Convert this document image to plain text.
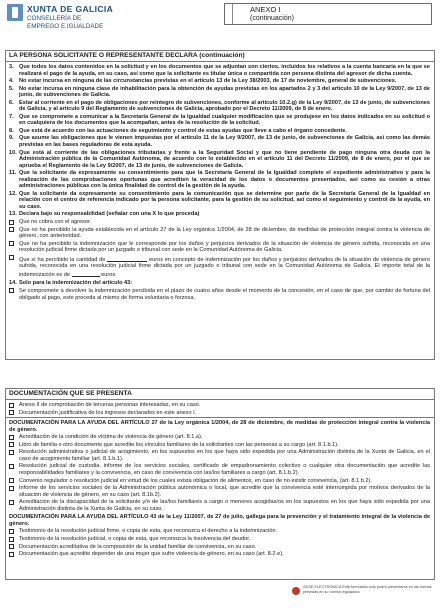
XUNTA DE GALICIA
CONSELLERÍA DE
EMPREGO E IGUALDADE
ANEXO I
(continuación)
LA PERSONA SOLICITANTE O REPRESENTANTE DECLARA (continuación)
3. Que todos los datos contenidos en la solicitud y en los documentos que se adjuntan son ciertos, incluidos los relativos a la cuenta bancaria en la que se realizará el pago de la ayuda, en su caso, así como que la solicitante es titular única o compartida con persona distinta del agresor de dicha cuenta.
4. No estar incursa en ninguna de las circunstancias previstas en el artículo 13 de la Ley 38/2003, de 17 de noviembre, general de subvenciones.
5. No estar incursa en ninguna clase de inhabilitación para la obtención de ayudas previstas en los apartados 2 y 3 del artículo 10 de la Ley 9/2007, de 13 de junio, de subvenciones de Galicia.
6. Estar al corriente en el pago de obligaciones por reintegro de subvenciones, conforme al artículo 10.2.g) de la Ley 9/2007, de 13 de junio, de subvenciones de Galicia, y al artículo 9 del Reglamento de subvenciones de Galicia, aprobado por el Decreto 11/2009, de 8 de enero.
7. Que se compromete a comunicar a la Secretaría General de la Igualdad cualquier modificación que se produjese en los datos indicados en su solicitud o en cualquiera de los documentos que la acompañan, antes de la resolución de la solicitud.
8. Que está de acuerdo con las actuaciones de seguimiento y control de estas ayudas que lleve a cabo el órgano concedente.
9. Que asume las obligaciones que le vienen impuestas por el artículo 11 de la Ley 9/2007, de 13 de junio, de subvenciones de Galicia, así como las demás previstas en las bases reguladoras de esta ayuda.
10. Que está al corriente de las obligaciones tributarias y frente a la Seguridad Social y que no tiene pendiente de pago ninguna otra deuda con la Administración pública de la Comunidad Autónoma, de acuerdo con lo establecido en el artículo 11 del Decreto 11/2009, de 8 de enero, por el que se aprueba el Reglamento de la Ley 9/2007, de 13 de junio, de subvenciones de Galicia.
11. Que la solicitante da expresamente su consentimiento para que la Secretaría General de la Igualdad complete el expediente administrativo y para la realización de las comprobaciones oportunas que acrediten la veracidad de los datos o documentos presentados, así como su cesión a otras administraciones públicas con la única finalidad de control de la gestión de la ayuda.
12. Que la solicitante da expresamente su consentimiento para la comunicación que se determine por parte de la Secretaría General de la Igualdad en relación con el centro de referencia indicado por la persona solicitante, para la gestión de su solicitud, así como el seguimiento y control de la ayuda, en su caso.
13. Declara bajo su responsabilidad (señalar con una X lo que proceda)
Que no cobra con el agresor.
Que no ha percibido la ayuda establecida en el artículo 27 de la Ley orgánica 1/2004, de 28 de diciembre, de medidas de protección integral contra la violencia de género, con anterioridad.
Que no ha percibido la indemnización que le corresponde por los daños y perjuicios derivados de la situación de violencia de género sufrida, reconocida en una resolución judicial firme dictada por un juzgado o tribunal con sede en la Comunidad Autónoma de Galicia.
Que sí ha percibido la cantidad de	euros en concepto de indemnización por los daños y perjuicios derivados de la situación de violencia de género sufrida, reconocida en una resolución judicial firme dictada por un juzgado o tribunal con sede en la Comunidad Autónoma de Galicia. El importe total de la indemnización es de	euros.
14. Solo para la indemnización del artículo 43:
Se compromete a devolver la indemnización percibida en el plazo de cuatro años desde el momento de la concesión, en el caso de que, por cambio de fortuna del obligado al pago, este proceda al mismo de forma voluntaria o forzosa.
DOCUMENTACIÓN QUE SE PRESENTA
Anexo II de comprobación de terceras personas interesadas, en su caso.
Documentación justificativa de los ingresos declarados en este anexo I.
DOCUMENTACIÓN PARA LA AYUDA DEL ARTÍCULO 27 de la Ley orgánica 1/2004, de 28 de diciembre, de medidas de protección integral contra la violencia de género.
Acreditación de la condición de víctima de violencia de género (art. 8.1.a).
Libro de familia o otro documento que acredite los vínculos familiares de la solicitantes con las personas a su cargo (art. 8.1.b.1).
Resolución administrativa o judicial de acogimiento, en los supuestos en los que haya sido expedida por una Administración distinta de la Xunta de Galicia, en el caso de acogimiento familiar (art. 8.1.b.1).
Resolución judicial de custodia, informe de los servicios sociales, certificado de empadronamiento colectivo o cualquier otra documentación que acredite las responsabilidades familiares y la convivencia, en caso de convivencia con las/los familiares a cargo (art. 8.1.b.2).
Convenio regulador o resolución judicial en virtud de los cuales exista obligación de alimentos, en caso de no existir convivencia, (art. 8.1.b.2).
Informe de los servicios sociales de la Administración pública autonómica o local, que acredite que la convivencia esté interrumpida por motivos derivados de la situación de violencia de género, en su caso (art. 8.1b.2).
Acreditación de la discapacidad de la solicitante y/o de las/los familiares a cargo o menores acogidas/os en los supuestos en los que haya sido expedida por una Administración distinta de la Xunta de Galicia, en su caso.
DOCUMENTACIÓN PARA LA AYUDA DEL ARTÍCULO 43 de la Ley 11/2007, de 27 de julio, gallega para la prevención y el tratamiento integral de la violencia de género.
Testimonio de la resolución judicial firme, o copia de esta, que reconozca el derecho a la indemnización.
Testimonio de la resolución judicial, o copia de esta, que reconozca la insolvencia del deudor.
Documentación acreditativa de la composición de la unidad familiar de convivencia, en su caso.
Documentación que acredite depender de una mujer que sufre violencia de género, en su caso (art. 8.2.e).
SEDE ELECTRÓNICA Este formulario solo podrá presentarse en las formas previstas en su norma reguladora
